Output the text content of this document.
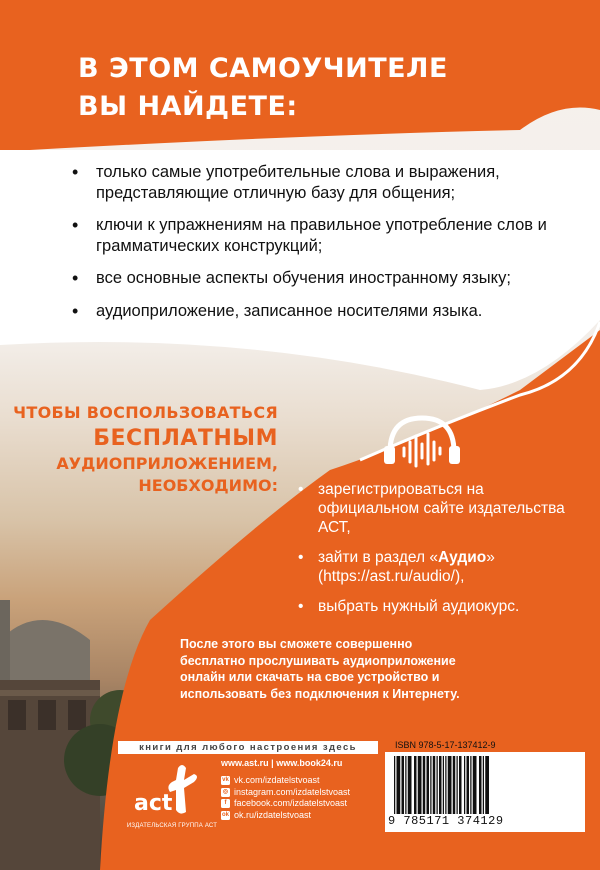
В ЭТОМ САМОУЧИТЕЛЕ
ВЫ НАЙДЕТЕ:
• только самые употребительные слова и выражения, представляющие отличную базу для общения;
• ключи к упражнениям на правильное употребление слов и грамматических конструкций;
• все основные аспекты обучения иностранному языку;
• аудиоприложение, записанное носителями языка.
ЧТОБЫ ВОСПОЛЬЗОВАТЬСЯ
БЕСПЛАТНЫМ
АУДИОПРИЛОЖЕНИЕМ,
НЕОБХОДИМО:
•	зарегистрироваться на официальном сайте издательства АСТ,
• зайти в раздел «Аудио» (https://ast.ru/audio/),
• выбрать нужный аудиокурс.
После этого вы сможете совершенно бесплатно прослушивать аудиоприложение онлайн или скачать на свое устройство и использовать без подключения к Интернету.
книги для любого настроения здесь
act
ИЗДАТЕЛЬСКАЯ ГРУППА АСТ
www.ast.ru | www.book24.ru
vk vk.com/izdatelstvoast
◎ instagram.com/izdatelstvoast
f facebook.com/izdatelstvoast
ok ok.ru/izdatelstvoast
ISBN 978-5-17-137412-9
9 785171 374129
